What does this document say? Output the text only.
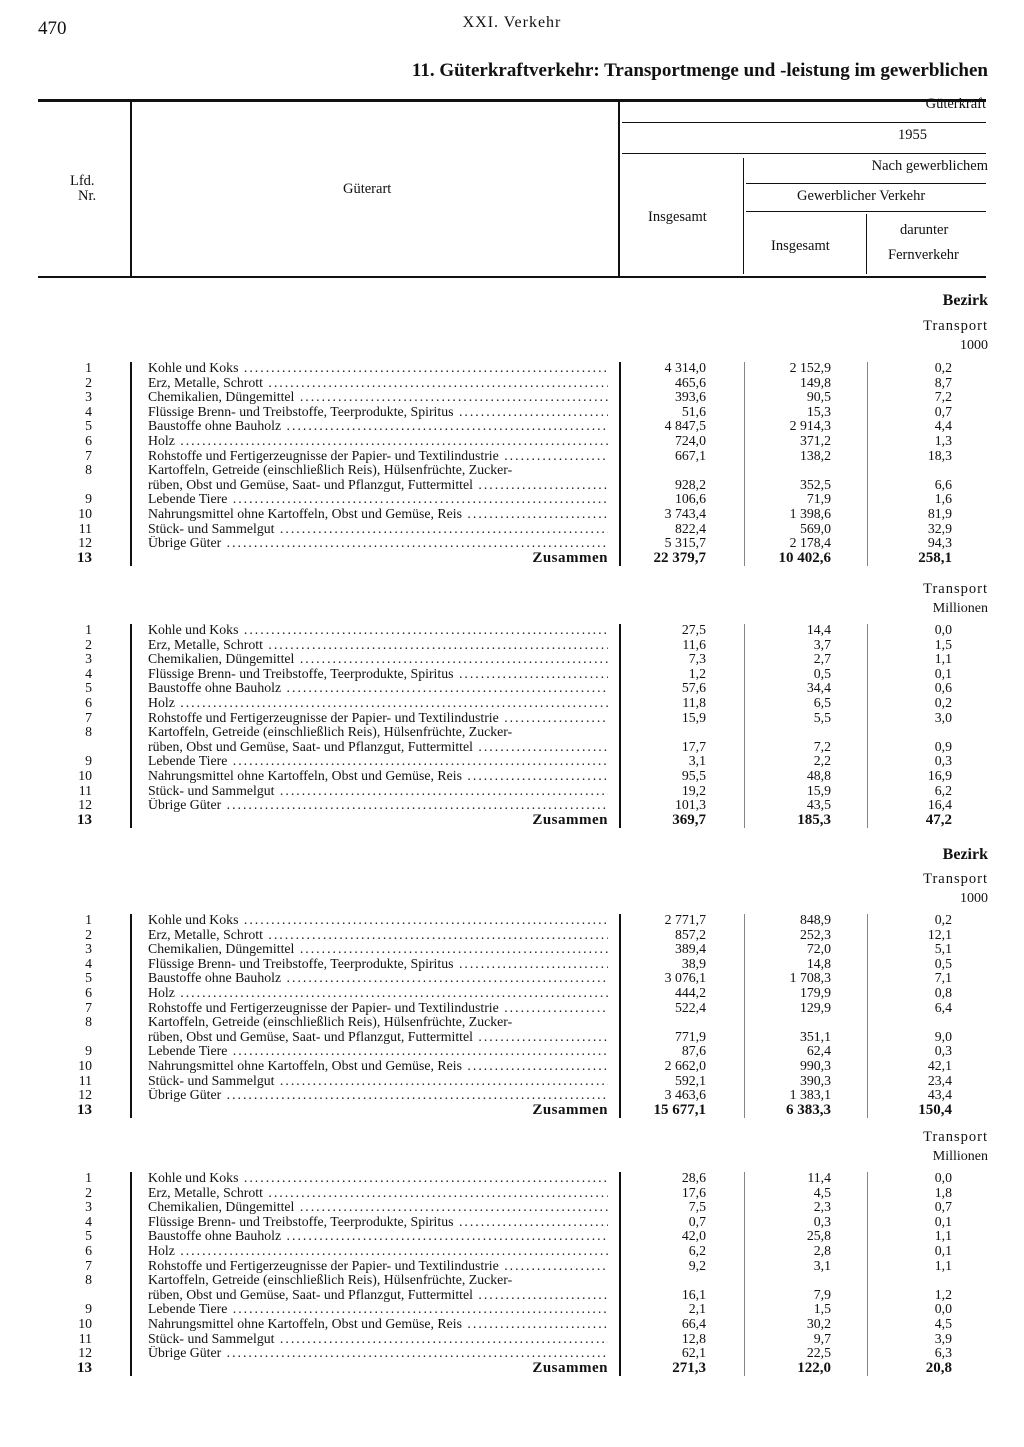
470	XXI. Verkehr
11. Güterkraftverkehr: Transportmenge und -leistung im gewerblichen
Lfd.
Nr.	Güterart
Güterkraft
1955
Nach gewerblichem
Gewerblicher Verkehr
Insgesamt
Insgesamt
darunter
Fernverkehr
Bezirk
Transport
1000
1	Kohle und Koks .....	4 314,0	2 152,9	0,2
2	Erz, Metalle, Schrott .....	465,6	149,8	8,7
3	Chemikalien, Düngemittel .....	393,6	90,5	7,2
4	Flüssige Brenn- und Treibstoffe, Teerprodukte, Spiritus .....	51,6	15,3	0,7
5	Baustoffe ohne Bauholz .....	4 847,5	2 914,3	4,4
6	Holz .....	724,0	371,2	1,3
7	Rohstoffe und Fertigerzeugnisse der Papier- und Textilindustrie .....	667,1	138,2	18,3
8	Kartoffeln, Getreide (einschließlich Reis), Hülsenfrüchte, Zucker-
rüben, Obst und Gemüse, Saat- und Pflanzgut, Futtermittel .....	928,2	352,5	6,6
9	Lebende Tiere .....	106,6	71,9	1,6
10	Nahrungsmittel ohne Kartoffeln, Obst und Gemüse, Reis .....	3 743,4	1 398,6	81,9
11	Stück- und Sammelgut .....	822,4	569,0	32,9
12	Übrige Güter .....	5 315,7	2 178,4	94,3
13	Zusammen	22 379,7	10 402,6	258,1
Transport
Millionen
1	Kohle und Koks .....	27,5	14,4	0,0
2	Erz, Metalle, Schrott .....	11,6	3,7	1,5
3	Chemikalien, Düngemittel .....	7,3	2,7	1,1
4	Flüssige Brenn- und Treibstoffe, Teerprodukte, Spiritus .....	1,2	0,5	0,1
5	Baustoffe ohne Bauholz .....	57,6	34,4	0,6
6	Holz .....	11,8	6,5	0,2
7	Rohstoffe und Fertigerzeugnisse der Papier- und Textilindustrie .....	15,9	5,5	3,0
8	Kartoffeln, Getreide (einschließlich Reis), Hülsenfrüchte, Zucker-
rüben, Obst und Gemüse, Saat- und Pflanzgut, Futtermittel .....	17,7	7,2	0,9
9	Lebende Tiere .....	3,1	2,2	0,3
10	Nahrungsmittel ohne Kartoffeln, Obst und Gemüse, Reis .....	95,5	48,8	16,9
11	Stück- und Sammelgut .....	19,2	15,9	6,2
12	Übrige Güter .....	101,3	43,5	16,4
13	Zusammen	369,7	185,3	47,2
Bezirk
Transport
1000
1	Kohle und Koks .....	2 771,7	848,9	0,2
2	Erz, Metalle, Schrott .....	857,2	252,3	12,1
3	Chemikalien, Düngemittel .....	389,4	72,0	5,1
4	Flüssige Brenn- und Treibstoffe, Teerprodukte, Spiritus .....	38,9	14,8	0,5
5	Baustoffe ohne Bauholz .....	3 076,1	1 708,3	7,1
6	Holz .....	444,2	179,9	0,8
7	Rohstoffe und Fertigerzeugnisse der Papier- und Textilindustrie .....	522,4	129,9	6,4
8	Kartoffeln, Getreide (einschließlich Reis), Hülsenfrüchte, Zucker-
rüben, Obst und Gemüse, Saat- und Pflanzgut, Futtermittel .....	771,9	351,1	9,0
9	Lebende Tiere .....	87,6	62,4	0,3
10	Nahrungsmittel ohne Kartoffeln, Obst und Gemüse, Reis .....	2 662,0	990,3	42,1
11	Stück- und Sammelgut .....	592,1	390,3	23,4
12	Übrige Güter .....	3 463,6	1 383,1	43,4
13	Zusammen	15 677,1	6 383,3	150,4
Transport
Millionen
1	Kohle und Koks .....	28,6	11,4	0,0
2	Erz, Metalle, Schrott .....	17,6	4,5	1,8
3	Chemikalien, Düngemittel .....	7,5	2,3	0,7
4	Flüssige Brenn- und Treibstoffe, Teerprodukte, Spiritus .....	0,7	0,3	0,1
5	Baustoffe ohne Bauholz .....	42,0	25,8	1,1
6	Holz .....	6,2	2,8	0,1
7	Rohstoffe und Fertigerzeugnisse der Papier- und Textilindustrie .....	9,2	3,1	1,1
8	Kartoffeln, Getreide (einschließlich Reis), Hülsenfrüchte, Zucker-
rüben, Obst und Gemüse, Saat- und Pflanzgut, Futtermittel .....	16,1	7,9	1,2
9	Lebende Tiere .....	2,1	1,5	0,0
10	Nahrungsmittel ohne Kartoffeln, Obst und Gemüse, Reis .....	66,4	30,2	4,5
11	Stück- und Sammelgut .....	12,8	9,7	3,9
12	Übrige Güter .....	62,1	22,5	6,3
13	Zusammen	271,3	122,0	20,8
